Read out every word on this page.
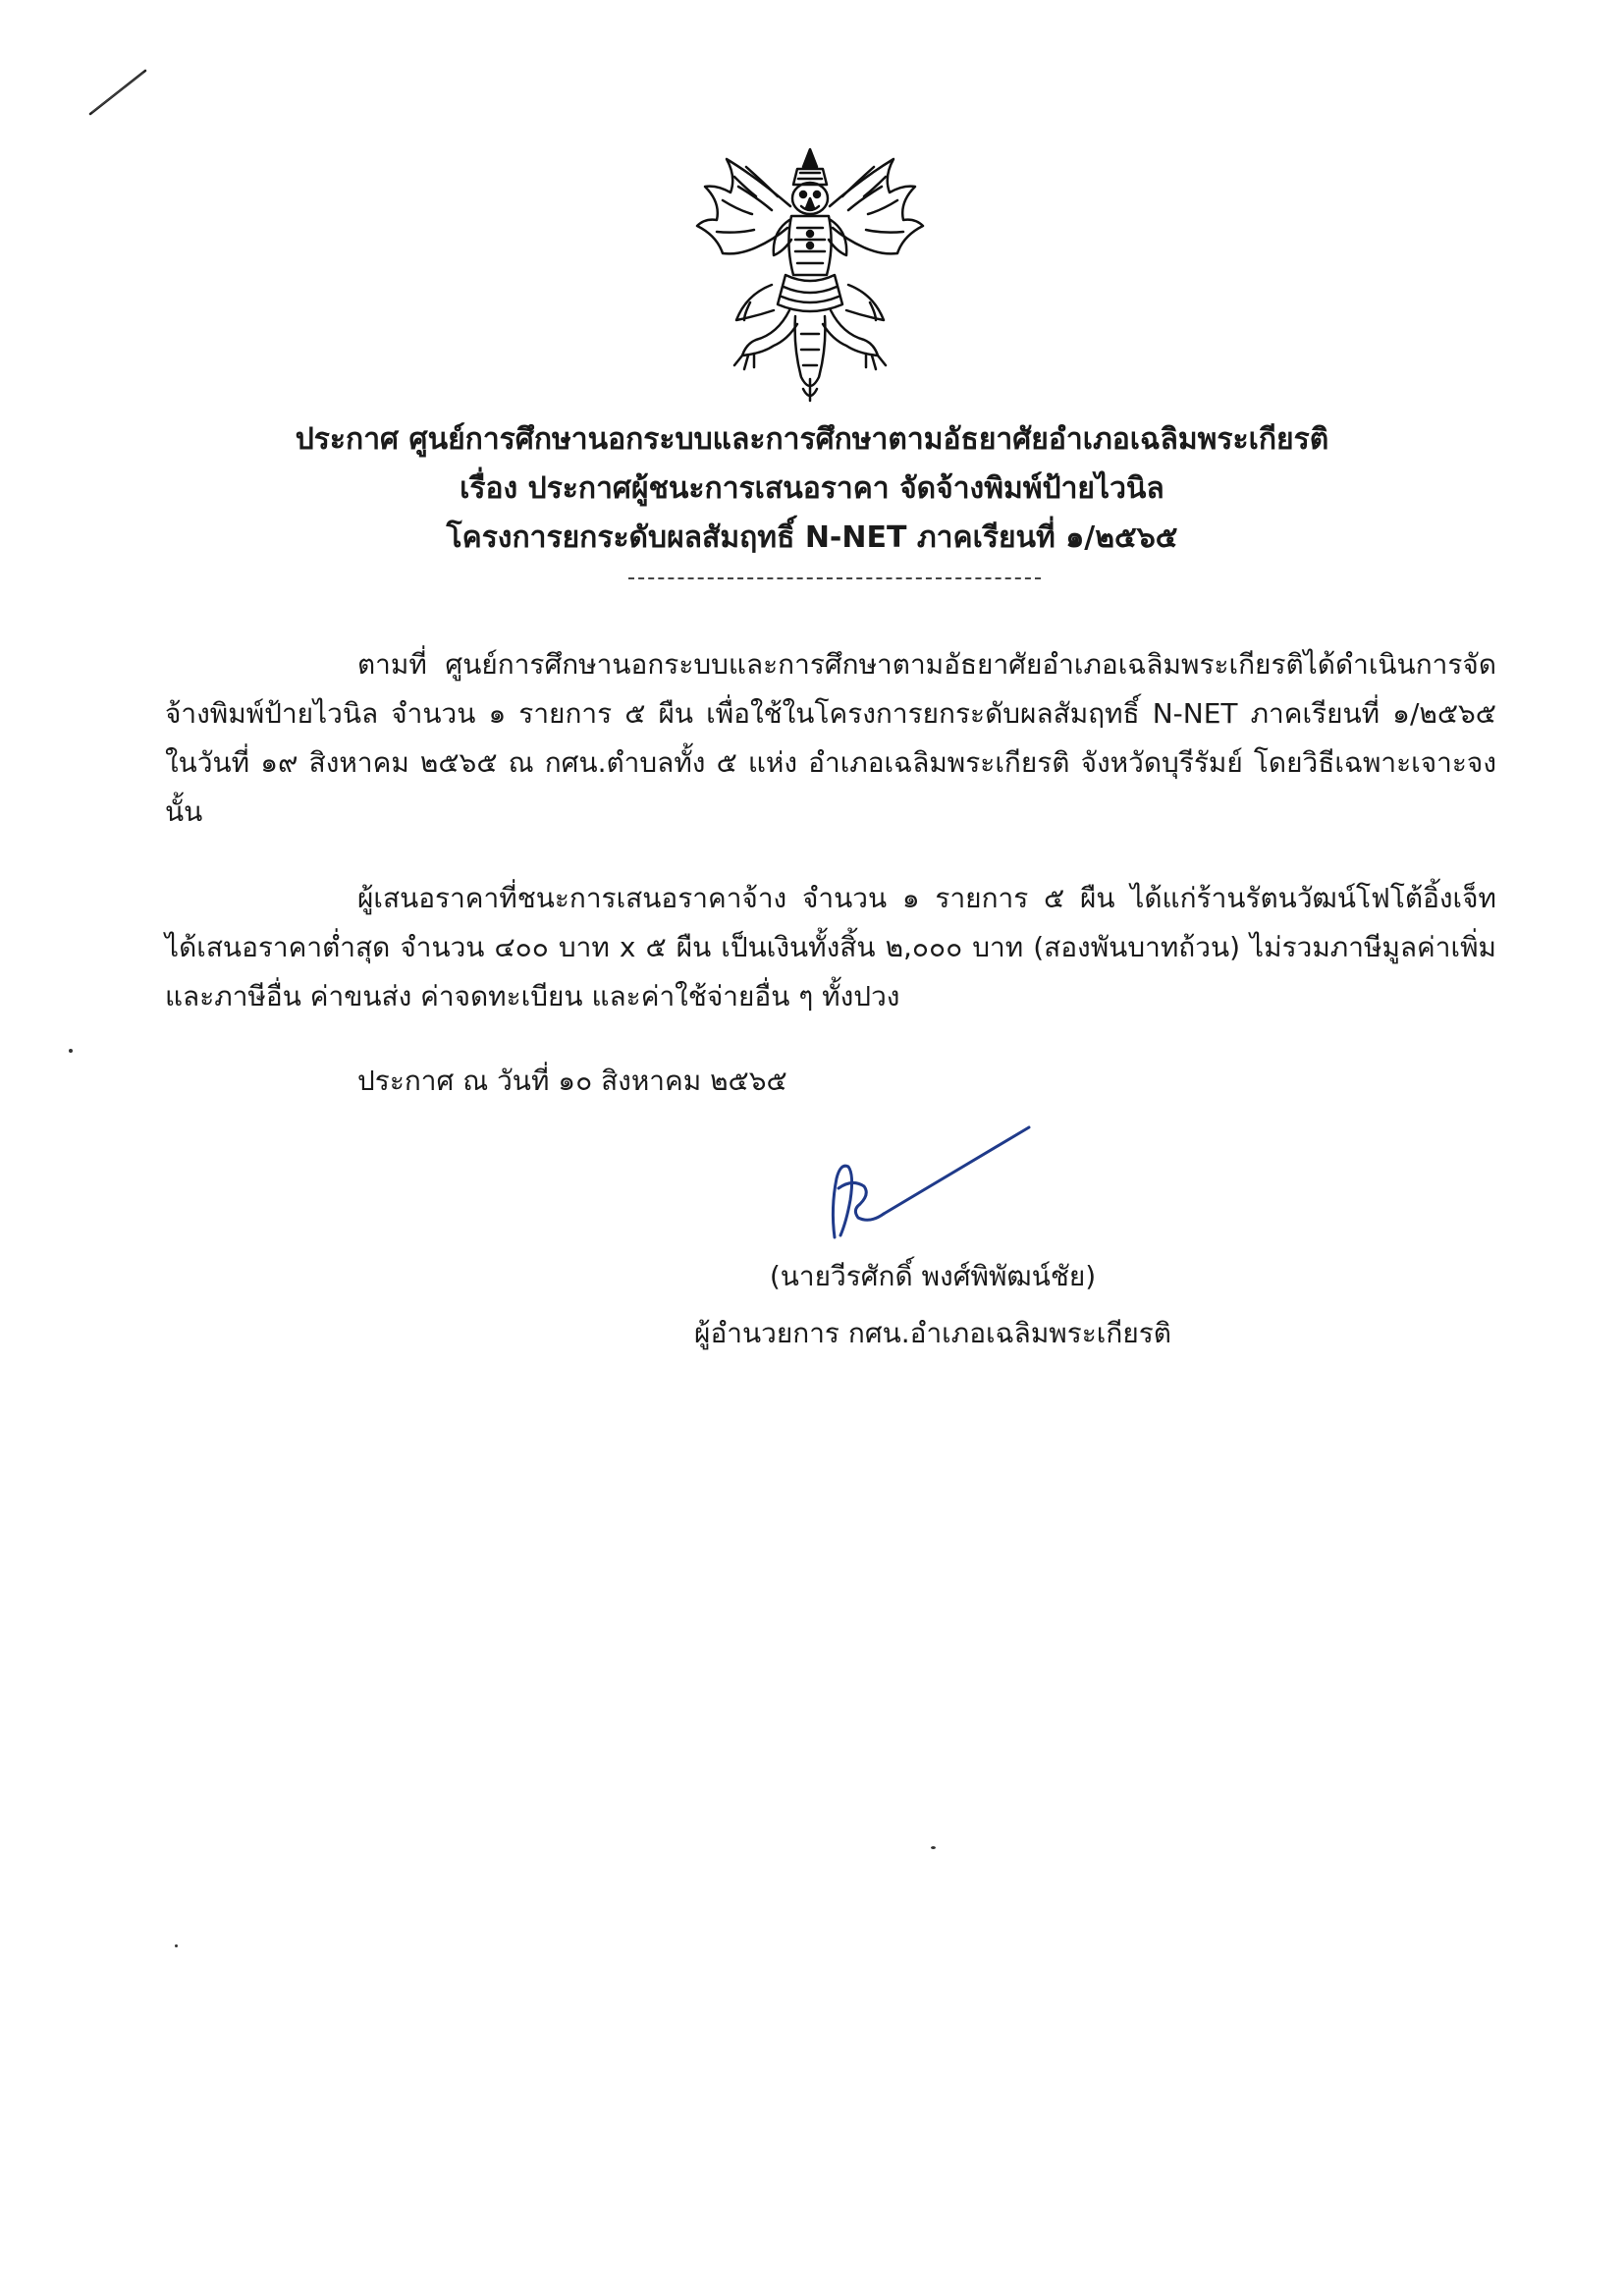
ประกาศ ศูนย์การศึกษานอกระบบและการศึกษาตามอัธยาศัยอำเภอเฉลิมพระเกียรติ
เรื่อง ประกาศผู้ชนะการเสนอราคา จัดจ้างพิมพ์ป้ายไวนิล
โครงการยกระดับผลสัมฤทธิ์ N-NET ภาคเรียนที่ ๑/๒๕๖๕
ตามที่ ศูนย์การศึกษานอกระบบและการศึกษาตามอัธยาศัยอำเภอเฉลิมพระเกียรติได้ดำเนินการจัดจ้างพิมพ์ป้ายไวนิล จำนวน ๑ รายการ ๕ ผืน เพื่อใช้ในโครงการยกระดับผลสัมฤทธิ์ N-NET ภาคเรียนที่ ๑/๒๕๖๕ ในวันที่ ๑๙ สิงหาคม ๒๕๖๕ ณ กศน.ตำบลทั้ง ๕ แห่ง อำเภอเฉลิมพระเกียรติ จังหวัดบุรีรัมย์ โดยวิธีเฉพาะเจาะจง นั้น
ผู้เสนอราคาที่ชนะการเสนอราคาจ้าง จำนวน ๑ รายการ ๕ ผืน ได้แก่ร้านรัตนวัฒน์โฟโต้อิ้งเจ็ท ได้เสนอราคาต่ำสุด จำนวน ๔๐๐ บาท x ๕ ผืน เป็นเงินทั้งสิ้น ๒,๐๐๐ บาท (สองพันบาทถ้วน) ไม่รวมภาษีมูลค่าเพิ่มและภาษีอื่น ค่าขนส่ง ค่าจดทะเบียน และค่าใช้จ่ายอื่น ๆ ทั้งปวง
ประกาศ ณ วันที่ ๑๐ สิงหาคม ๒๕๖๕
(นายวีรศักดิ์ พงศ์พิพัฒน์ชัย)
ผู้อำนวยการ กศน.อำเภอเฉลิมพระเกียรติ
